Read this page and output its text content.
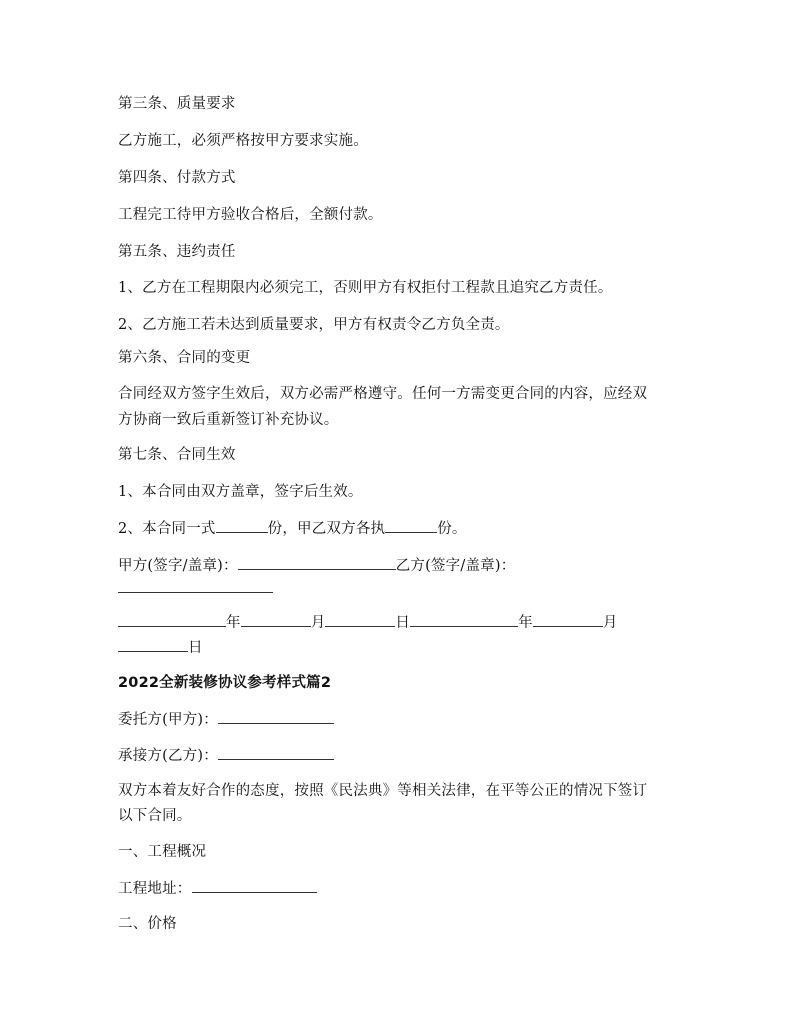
第三条、质量要求
乙方施工，必须严格按甲方要求实施。
第四条、付款方式
工程完工待甲方验收合格后，全额付款。
第五条、违约责任
1、乙方在工程期限内必须完工，否则甲方有权拒付工程款且追究乙方责任。
2、乙方施工若未达到质量要求，甲方有权责令乙方负全责。
第六条、合同的变更
合同经双方签字生效后，双方必需严格遵守。任何一方需变更合同的内容，应经双
方协商一致后重新签订补充协议。
第七条、合同生效
1、本合同由双方盖章，签字后生效。
2、本合同一式	份，甲乙双方各执	份。
甲方(签字/盖章)：	乙方(签字/盖章)：
年	月	日	年	月
日
2022全新装修协议参考样式篇2
委托方(甲方)：
承接方(乙方)：
双方本着友好合作的态度，按照《民法典》等相关法律，在平等公正的情况下签订
以下合同。
一、工程概况
工程地址：
二、价格
